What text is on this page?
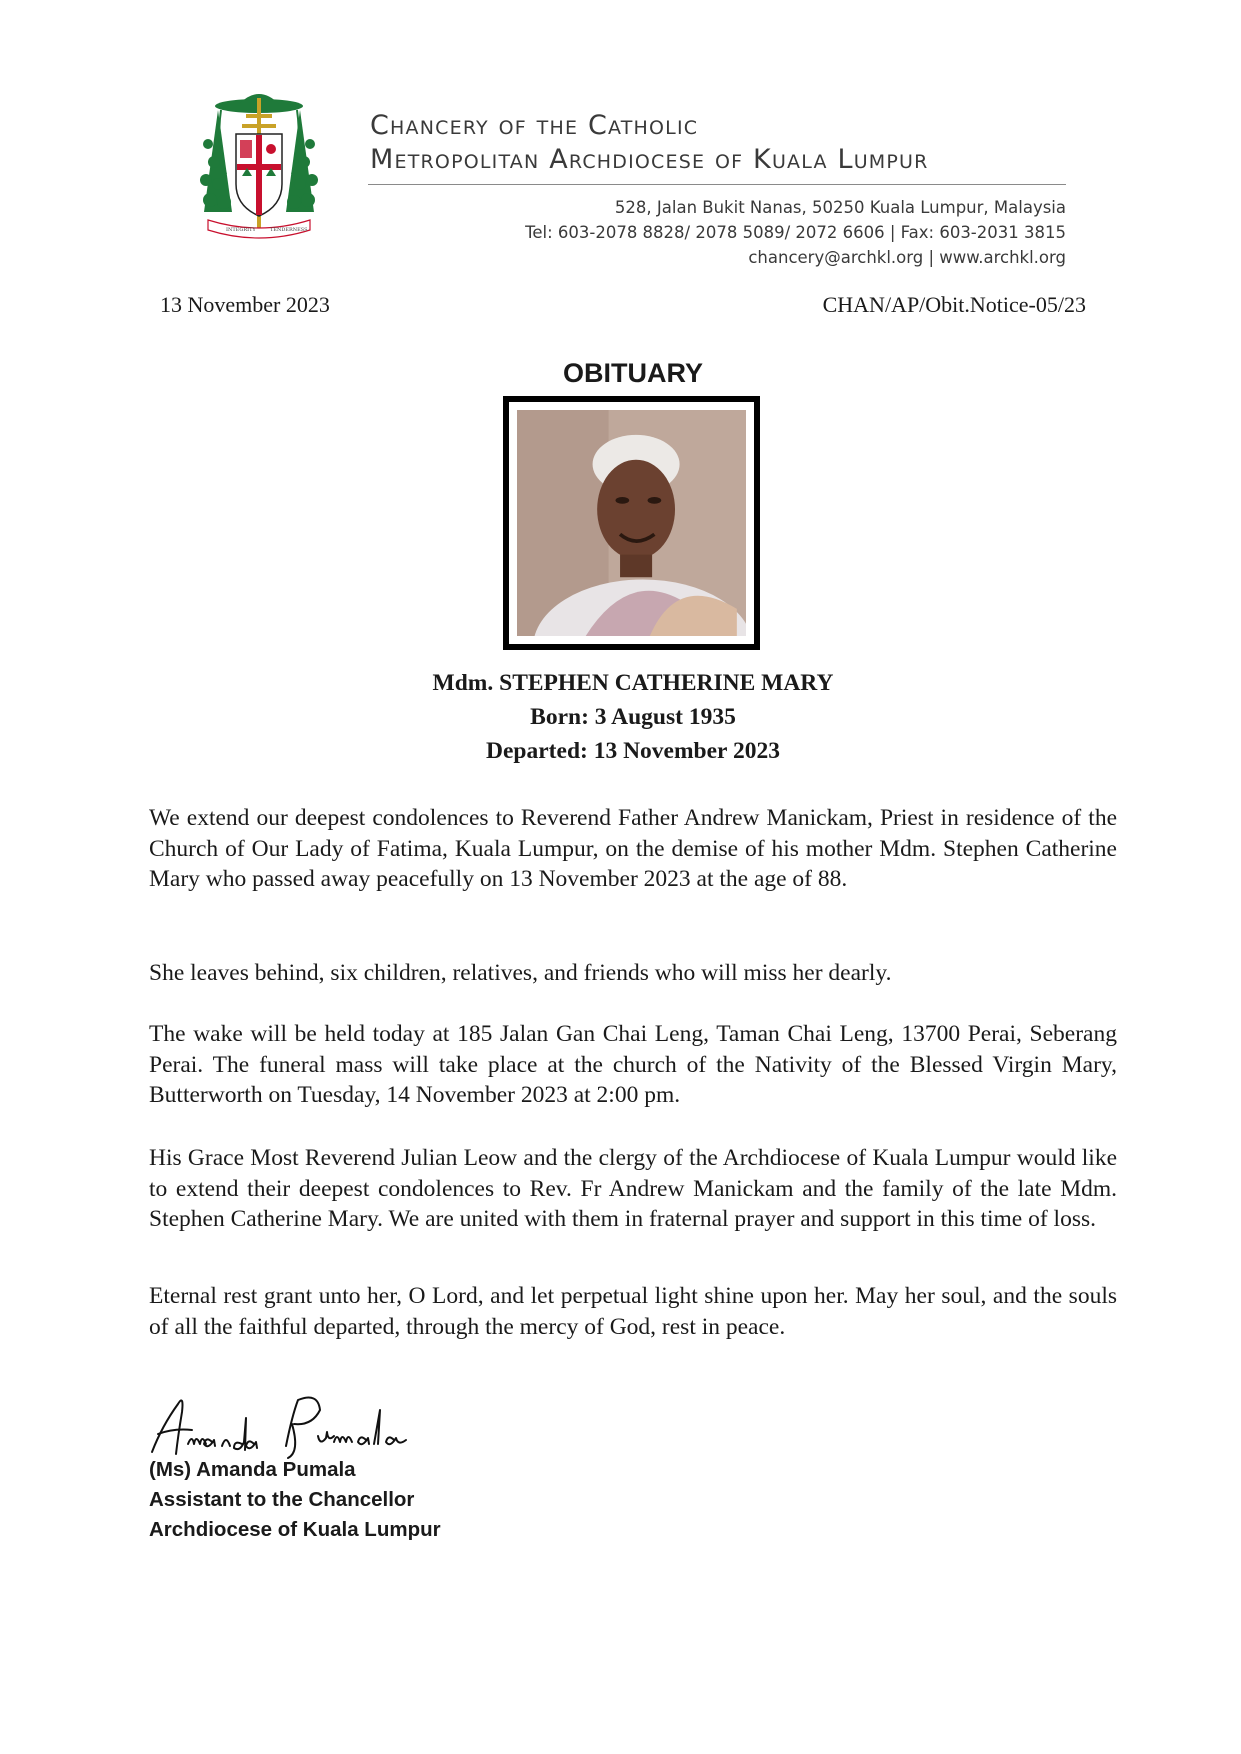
INTEGRITY	TENDERNESS
Chancery of the Catholic
Metropolitan Archdiocese of Kuala Lumpur
528, Jalan Bukit Nanas, 50250 Kuala Lumpur, Malaysia
Tel: 603-2078 8828/ 2078 5089/ 2072 6606 | Fax: 603-2031 3815
chancery@archkl.org | www.archkl.org
13 November 2023	CHAN/AP/Obit.Notice-05/23
OBITUARY
Mdm. STEPHEN CATHERINE MARY
Born: 3 August 1935
Departed: 13 November 2023

We extend our deepest condolences to Reverend Father Andrew Manickam, Priest in residence of the Church of Our Lady of Fatima, Kuala Lumpur, on the demise of his mother Mdm. Stephen Catherine Mary who passed away peacefully on 13 November 2023 at the age of 88.

She leaves behind, six children, relatives, and friends who will miss her dearly.

The wake will be held today at 185 Jalan Gan Chai Leng, Taman Chai Leng, 13700 Perai, Seberang Perai. The funeral mass will take place at the church of the Nativity of the Blessed Virgin Mary, Butterworth on Tuesday, 14 November 2023 at 2:00 pm.

His Grace Most Reverend Julian Leow and the clergy of the Archdiocese of Kuala Lumpur would like to extend their deepest condolences to Rev. Fr Andrew Manickam and the family of the late Mdm. Stephen Catherine Mary. We are united with them in fraternal prayer and support in this time of loss.

Eternal rest grant unto her, O Lord, and let perpetual light shine upon her. May her soul, and the souls of all the faithful departed, through the mercy of God, rest in peace.

(Ms) Amanda Pumala
Assistant to the Chancellor
Archdiocese of Kuala Lumpur
